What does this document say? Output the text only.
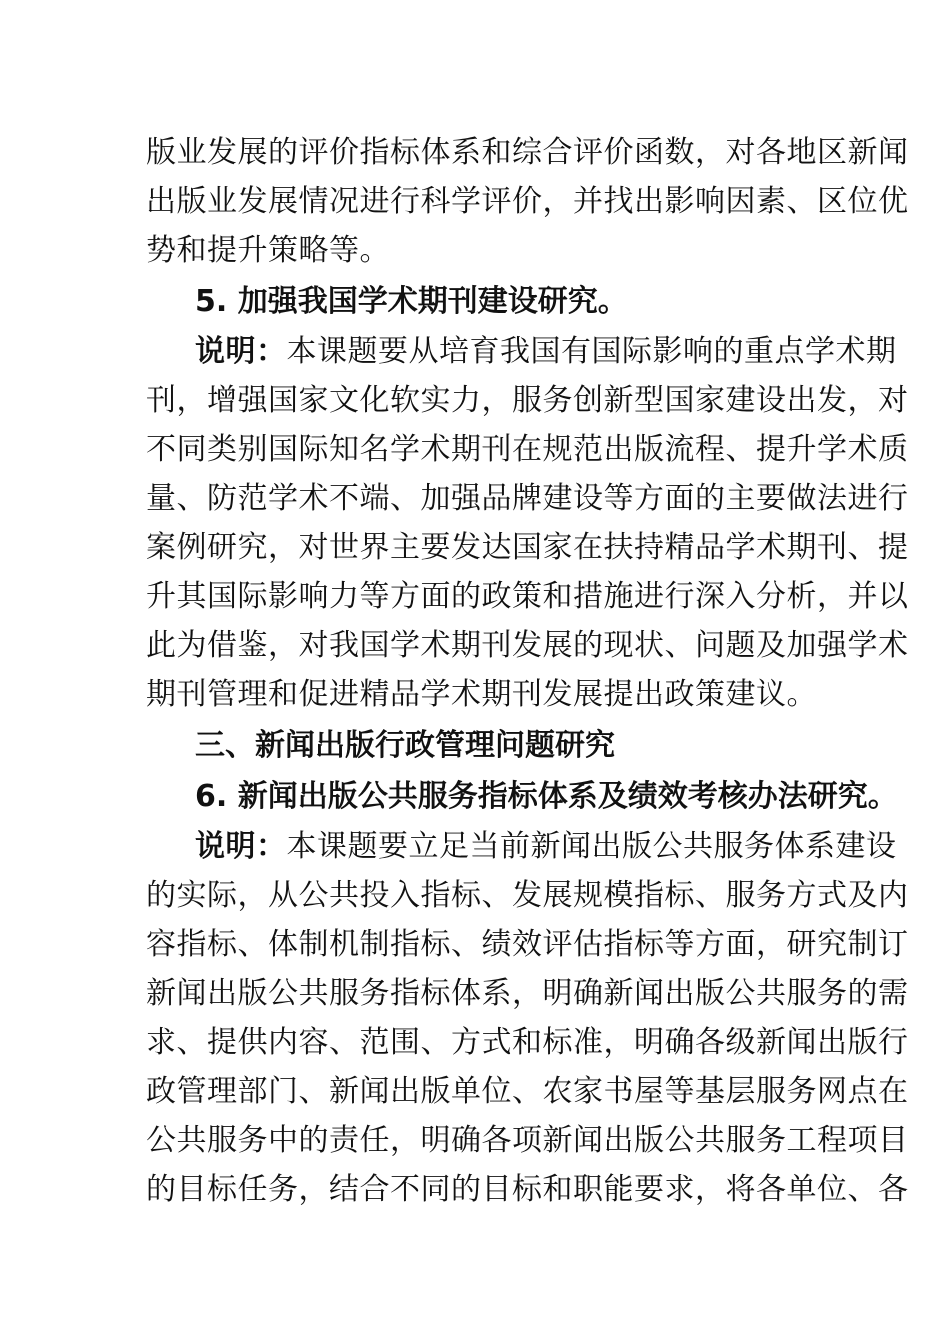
版业发展的评价指标体系和综合评价函数，对各地区新闻
出版业发展情况进行科学评价，并找出影响因素、区位优
势和提升策略等。
5. 加强我国学术期刊建设研究。
说明：本课题要从培育我国有国际影响的重点学术期
刊，增强国家文化软实力，服务创新型国家建设出发，对
不同类别国际知名学术期刊在规范出版流程、提升学术质
量、防范学术不端、加强品牌建设等方面的主要做法进行
案例研究，对世界主要发达国家在扶持精品学术期刊、提
升其国际影响力等方面的政策和措施进行深入分析，并以
此为借鉴，对我国学术期刊发展的现状、问题及加强学术
期刊管理和促进精品学术期刊发展提出政策建议。
三、新闻出版行政管理问题研究
6. 新闻出版公共服务指标体系及绩效考核办法研究。
说明：本课题要立足当前新闻出版公共服务体系建设
的实际，从公共投入指标、发展规模指标、服务方式及内
容指标、体制机制指标、绩效评估指标等方面，研究制订
新闻出版公共服务指标体系，明确新闻出版公共服务的需
求、提供内容、范围、方式和标准，明确各级新闻出版行
政管理部门、新闻出版单位、农家书屋等基层服务网点在
公共服务中的责任，明确各项新闻出版公共服务工程项目
的目标任务，结合不同的目标和职能要求，将各单位、各
